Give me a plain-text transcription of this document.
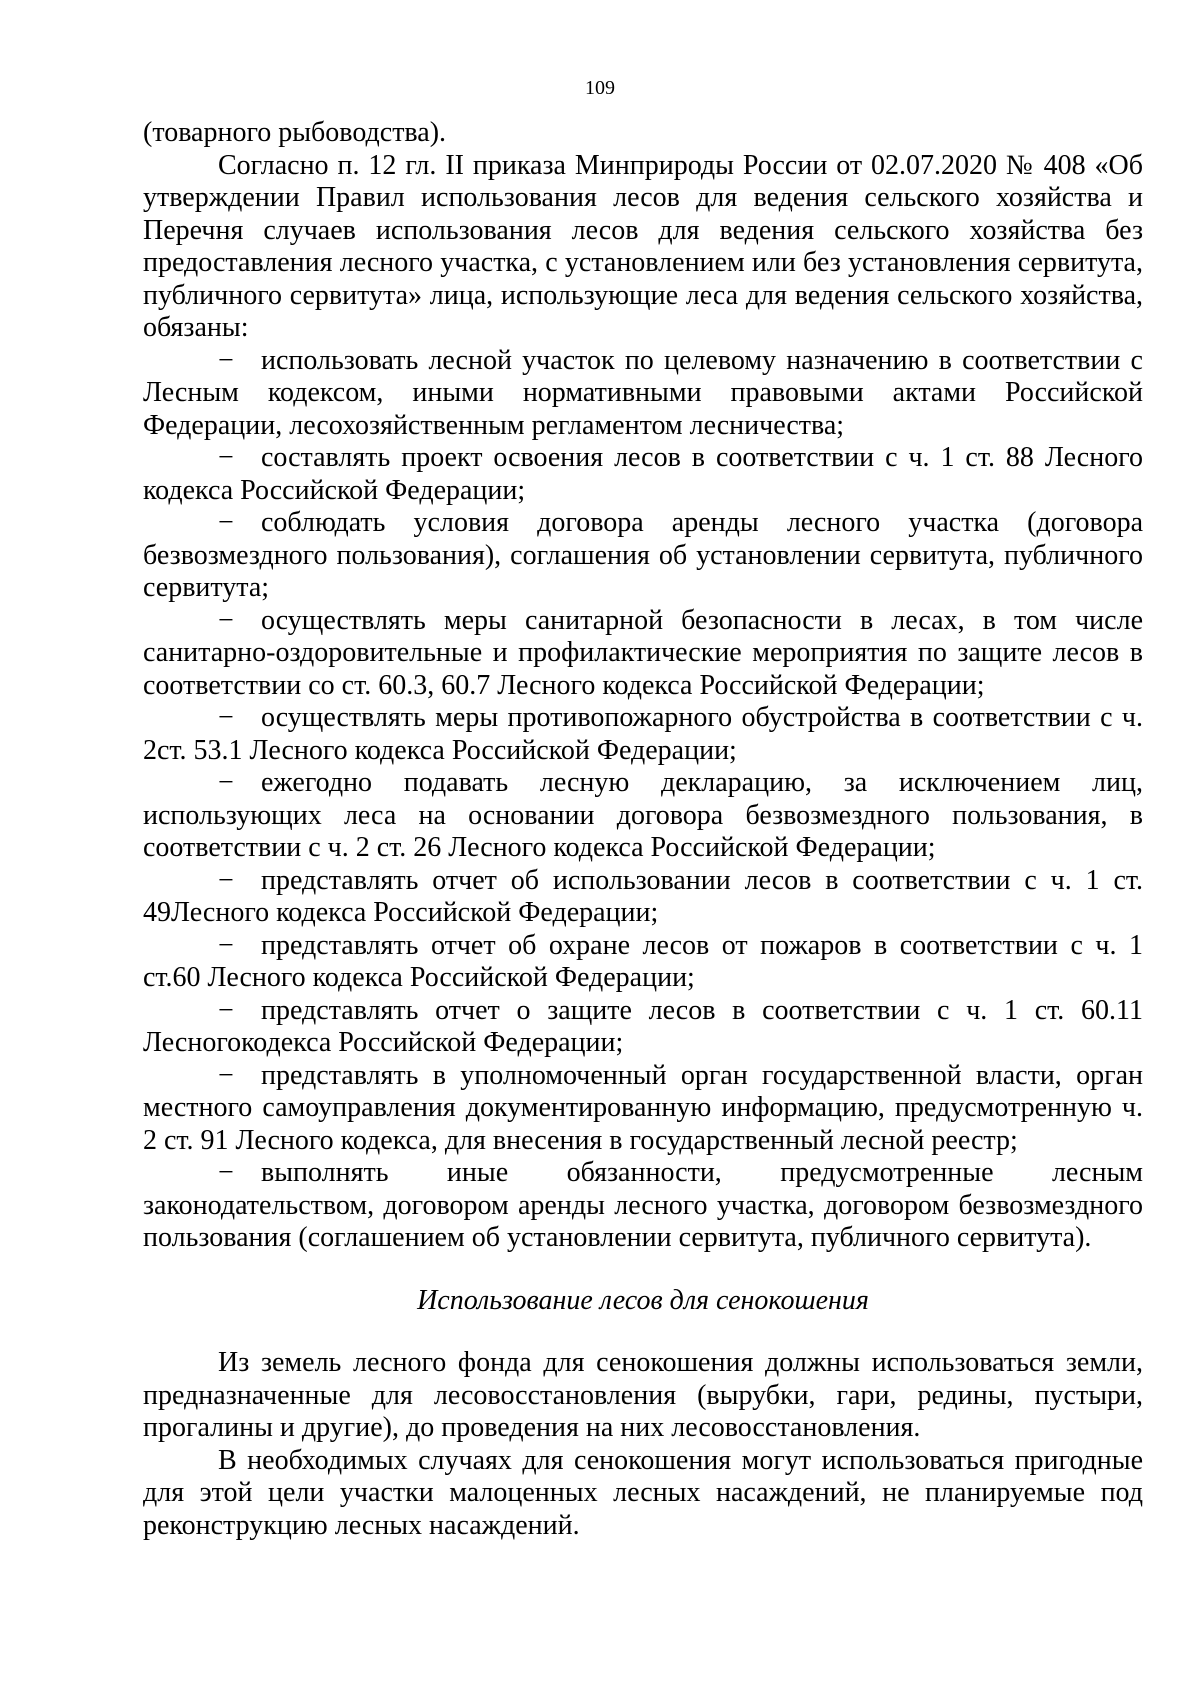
109

(товарного рыбоводства).

Согласно п. 12 гл. II приказа Минприроды России от 02.07.2020 № 408 «Об утверждении Правил использования лесов для ведения сельского хозяйства и Перечня случаев использования лесов для ведения сельского хозяйства без предоставления лесного участка, с установлением или без установления сервитута, публичного сервитута» лица, использующие леса для ведения сельского хозяйства, обязаны:

− использовать лесной участок по целевому назначению в соответствии с Лесным кодексом, иными нормативными правовыми актами Российской Федерации, лесохозяйственным регламентом лесничества;

− составлять проект освоения лесов в соответствии с ч. 1 ст. 88 Лесного кодекса Российской Федерации;

− соблюдать условия договора аренды лесного участка (договора безвозмездного пользования), соглашения об установлении сервитута, публичного сервитута;

− осуществлять меры санитарной безопасности в лесах, в том числе санитарно-оздоровительные и профилактические мероприятия по защите лесов в соответствии со ст. 60.3, 60.7 Лесного кодекса Российской Федерации;

− осуществлять меры противопожарного обустройства в соответствии с ч. 2ст. 53.1 Лесного кодекса Российской Федерации;

− ежегодно подавать лесную декларацию, за исключением лиц, использующих леса на основании договора безвозмездного пользования, в соответствии с ч. 2 ст. 26 Лесного кодекса Российской Федерации;

− представлять отчет об использовании лесов в соответствии с ч. 1 ст. 49Лесного кодекса Российской Федерации;

− представлять отчет об охране лесов от пожаров в соответствии с ч. 1 ст.60 Лесного кодекса Российской Федерации;

− представлять отчет о защите лесов в соответствии с ч. 1 ст. 60.11 Лесногокодекса Российской Федерации;

− представлять в уполномоченный орган государственной власти, орган местного самоуправления документированную информацию, предусмотренную ч. 2 ст. 91 Лесного кодекса, для внесения в государственный лесной реестр;

− выполнять иные обязанности, предусмотренные лесным законодательством, договором аренды лесного участка, договором безвозмездного пользования (соглашением об установлении сервитута, публичного сервитута).

Использование лесов для сенокошения

Из земель лесного фонда для сенокошения должны использоваться земли, предназначенные для лесовосстановления (вырубки, гари, редины, пустыри, прогалины и другие), до проведения на них лесовосстановления.

В необходимых случаях для сенокошения могут использоваться пригодные для этой цели участки малоценных лесных насаждений, не планируемые под реконструкцию лесных насаждений.
